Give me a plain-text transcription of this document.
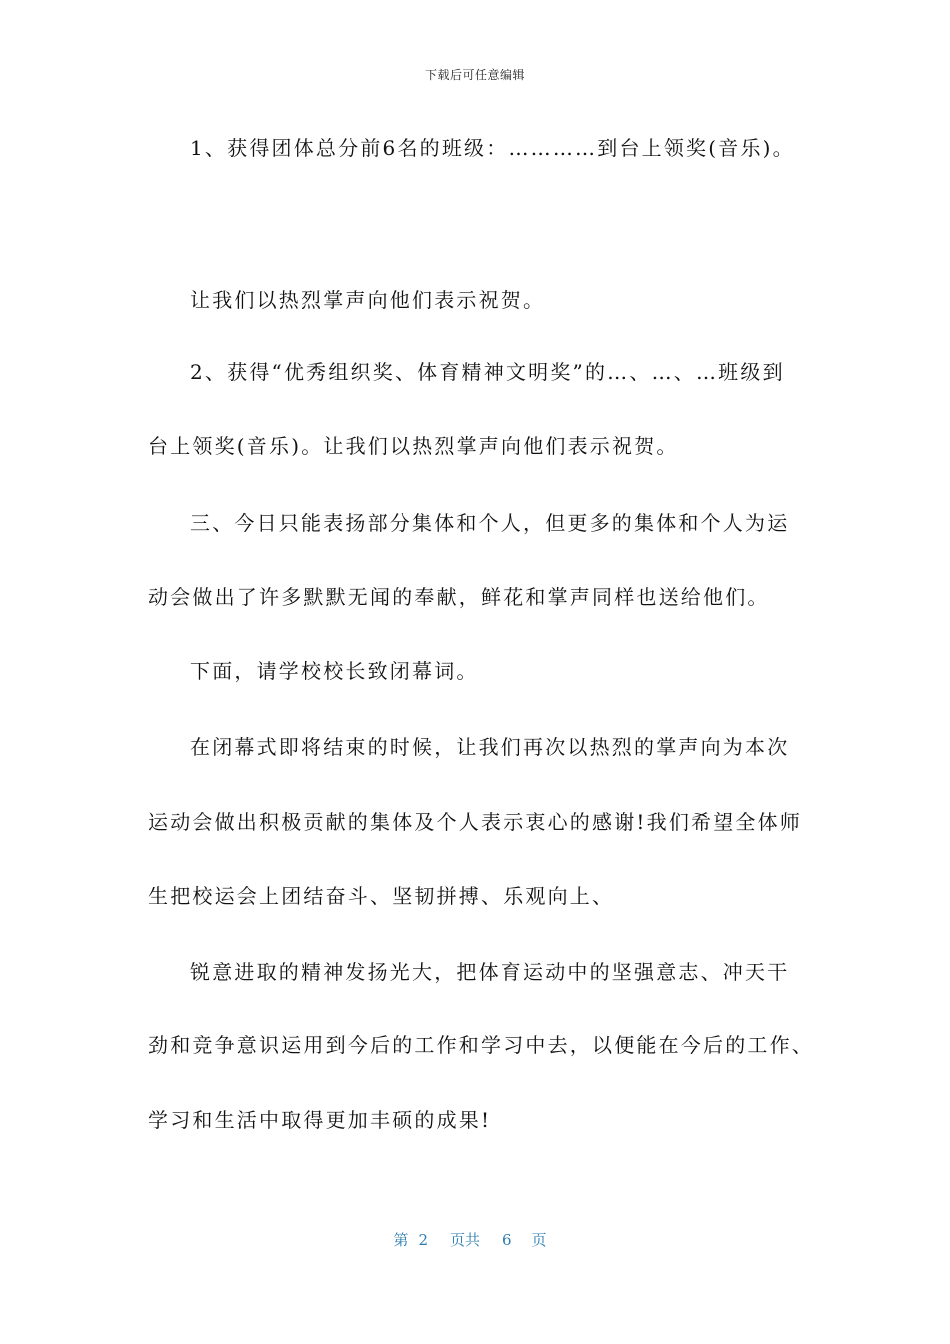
下载后可任意编辑
1、获得团体总分前6名的班级：…………到台上领奖(音乐)。
让我们以热烈掌声向他们表示祝贺。
2、获得“优秀组织奖、体育精神文明奖”的…、…、…班级到
台上领奖(音乐)。让我们以热烈掌声向他们表示祝贺。
三、今日只能表扬部分集体和个人，但更多的集体和个人为运
动会做出了许多默默无闻的奉献，鲜花和掌声同样也送给他们。
下面，请学校校长致闭幕词。
在闭幕式即将结束的时候，让我们再次以热烈的掌声向为本次
运动会做出积极贡献的集体及个人表示衷心的感谢!我们希望全体师
生把校运会上团结奋斗、坚韧拼搏、乐观向上、
锐意进取的精神发扬光大，把体育运动中的坚强意志、冲天干
劲和竞争意识运用到今后的工作和学习中去，以便能在今后的工作、
学习和生活中取得更加丰硕的成果!
第 2 页共 6 页
